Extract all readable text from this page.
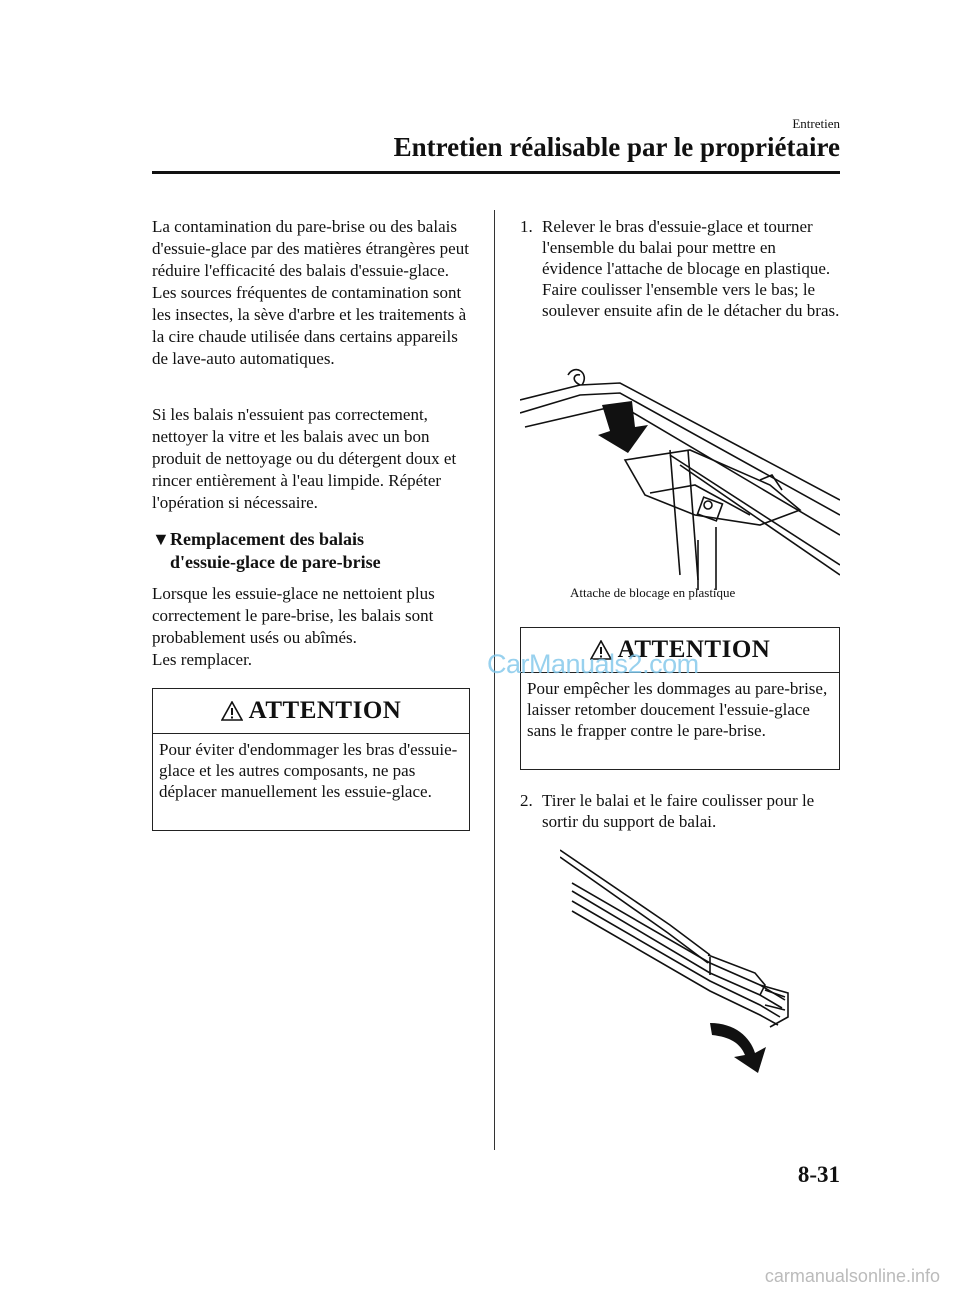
Entretien
Entretien réalisable par le propriétaire

La contamination du pare-brise ou des balais d'essuie-glace par des matières étrangères peut réduire l'efficacité des balais d'essuie-glace. Les sources fréquentes de contamination sont les insectes, la sève d'arbre et les traitements à la cire chaude utilisée dans certains appareils de lave-auto automatiques.

Si les balais n'essuient pas correctement, nettoyer la vitre et les balais avec un bon produit de nettoyage ou du détergent doux et rincer entièrement à l'eau limpide. Répéter l'opération si nécessaire.

▼ Remplacement des balais
d'essuie-glace de pare-brise

Lorsque les essuie-glace ne nettoient plus correctement le pare-brise, les balais sont probablement usés ou abîmés.

Les remplacer.

ATTENTION
Pour éviter d'endommager les bras d'essuie-glace et les autres composants, ne pas déplacer manuellement les essuie-glace.
1. Relever le bras d'essuie-glace et tourner l'ensemble du balai pour mettre en évidence l'attache de blocage en plastique.
Faire coulisser l'ensemble vers le bas; le soulever ensuite afin de le détacher du bras.
Attache de blocage en plastique
ATTENTION
Pour empêcher les dommages au pare-brise, laisser retomber doucement l'essuie-glace sans le frapper contre le pare-brise.
CarManuals2.com
2. Tirer le balai et le faire coulisser pour le sortir du support de balai.
8-31
carmanualsonline.info
